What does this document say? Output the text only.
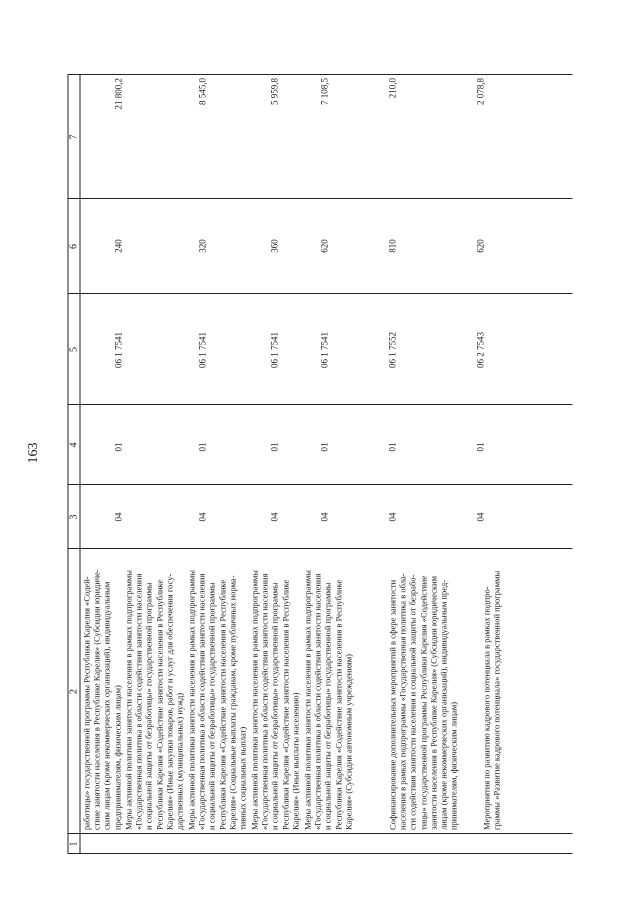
163
1
2
3
4
5
6
7
работицы» государственной программы Республики Карелия «Содей-
ствие занятости населения в Республике Карелия» (Субсидии юридиче-
ским лицам (кроме некоммерческих организаций), индивидуальным
предпринимателям, физическим лицам)
04
01
06 1 7541
240
21 800,2
Меры активной политики занятости населения в рамках подпрограммы
«Государственная политика в области содействия занятости населения
и социальной защиты от безработицы» государственной программы
Республики Карелия «Содействие занятости населения в Республике
Карелия» (Иные закупки товаров, работ и услуг для обеспечения госу-
дарственных (муниципальных) нужд)
04
01
06 1 7541
320
8 545,0
Меры активной политики занятости населения в рамках подпрограммы
«Государственная политика в области содействия занятости населения
и социальной защиты от безработицы» государственной программы
Республики Карелия «Содействие занятости населения в Республике
Карелия» (Социальные выплаты гражданам, кроме публичных норма-
тивных социальных выплат)
04
01
06 1 7541
360
5 959,8
Меры активной политики занятости населения в рамках подпрограммы
«Государственная политика в области содействия занятости населения
и социальной защиты от безработицы» государственной программы
Республики Карелия «Содействие занятости населения в Республике
Карелия» (Иные выплаты населению)
04
01
06 1 7541
620
7 108,5
Меры активной политики занятости населения в рамках подпрограммы
«Государственная политика в области содействия занятости населения
и социальной защиты от безработицы» государственной программы
Республики Карелия «Содействие занятости населения в Республике
Карелия» (Субсидии автономным учреждениям)
04
01
06 1 7552
810
210,0
Софинансирование дополнительных мероприятий в сфере занятости
населения в рамках подпрограммы «Государственная политика в обла-
сти содействия занятости населения и социальной защиты от безрабо-
тицы» государственной программы Республики Карелия «Содействие
занятости населения в Республике Карелия» (Субсидии юридическим
лицам (кроме некоммерческих организаций), индивидуальным пред-
принимателям, физическим лицам)
04
01
06 2 7543
620
2 078,8
Мероприятия по развитию кадрового потенциала в рамках подпро-
граммы «Развитие кадрового потенциала» государственной программы
